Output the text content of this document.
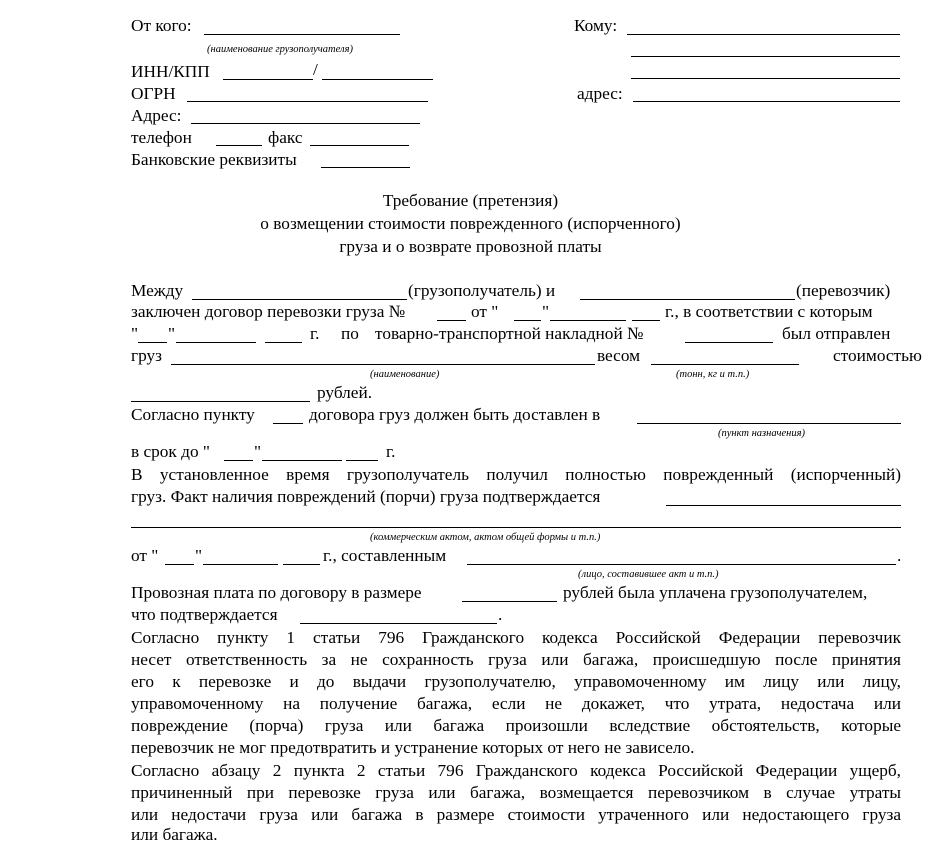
От кого:
(наименование грузополучателя)
ИНН/КПП	/
ОГРН
Адрес:
телефон	факс
Банковские реквизиты
Кому:
адрес:
Требование (претензия)
о возмещении стоимости поврежденного (испорченного)
груза и о возврате провозной платы
Между	(грузополучатель) и	(перевозчик)
заключен договор перевозки груза №	от "	"	г., в соответствии с которым
" "	г. по товарно-транспортной накладной №	был отправлен
груз	весом	стоимостью
(наименование)	(тонн, кг и т.п.)
рублей.
Согласно пункту	договора груз должен быть доставлен в
(пункт назначения)
в срок до "	"	г.
В установленное время грузополучатель получил полностью поврежденный (испорченный)
груз. Факт наличия повреждений (порчи) груза подтверждается
(коммерческим актом, актом общей формы и т.п.)
от " "	г., составленным	.
(лицо, составившее акт и т.п.)
Провозная плата по договору в размере	рублей была уплачена грузополучателем,
что подтверждается	.
Согласно пункту 1 статьи 796 Гражданского кодекса Российской Федерации перевозчик
несет ответственность за не сохранность груза или багажа, происшедшую после принятия
его к перевозке и до выдачи грузополучателю, управомоченному им лицу или лицу,
управомоченному на получение багажа, если не докажет, что утрата, недостача или
повреждение (порча) груза или багажа произошли вследствие обстоятельств, которые
перевозчик не мог предотвратить и устранение которых от него не зависело.
Согласно абзацу 2 пункта 2 статьи 796 Гражданского кодекса Российской Федерации ущерб,
причиненный при перевозке груза или багажа, возмещается перевозчиком в случае утраты
или недостачи груза или багажа в размере стоимости утраченного или недостающего груза
или багажа.
